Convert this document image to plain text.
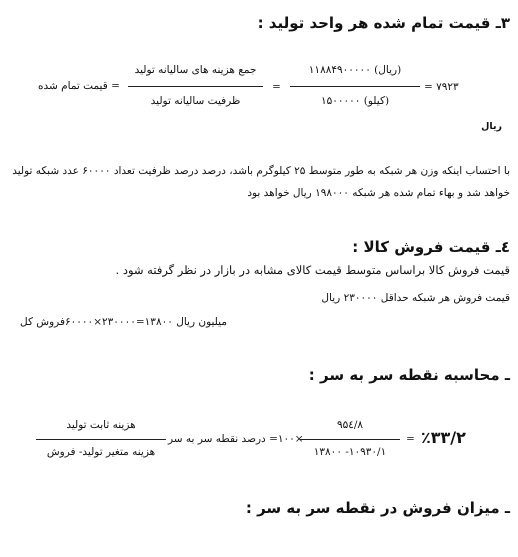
۳ـ قیمت تمام شده هر واحد تولید :
= قیمت تمام شده
جمع هزینه های سالیانه تولید
ظرفیت سالیانه تولید
=
(ریال) ۱۱۸۸۴۹۰۰۰۰۰
(کیلو) ۱۵۰۰۰۰۰
= ۷۹۲۳
ریال
با احتساب اینکه وزن هر شبکه به طور متوسط ۲۵ کیلوگرم باشد، درصد درصد ظرفیت تعداد ۶۰۰۰۰ عدد شبکه تولید
خواهد شد و بهاء تمام شده هر شبکه ۱۹۸۰۰۰ ریال خواهد بود
٤ـ قیمت فروش کالا :
قیمت فروش کالا براساس متوسط قیمت کالای مشابه در بازار در نظر گرفته شود .
قیمت فروش هر شبکه حداقل ۲۳۰۰۰۰ ریال
میلیون ریال ۱۳۸۰۰=۲۳۰۰۰۰×۶۰۰۰۰فروش کل
ـ محاسبه نقطه سر به سر :
هزینه ثابت تولید
هزینه متغیر تولید- فروش
×۱۰۰= درصد نقطه سر به سر
۹۵٤/۸
۱۳۸۰۰ -۱۰۹۳۰/۱
= ٪۳۳/۲
ـ میزان فروش در نقطه سر به سر :
